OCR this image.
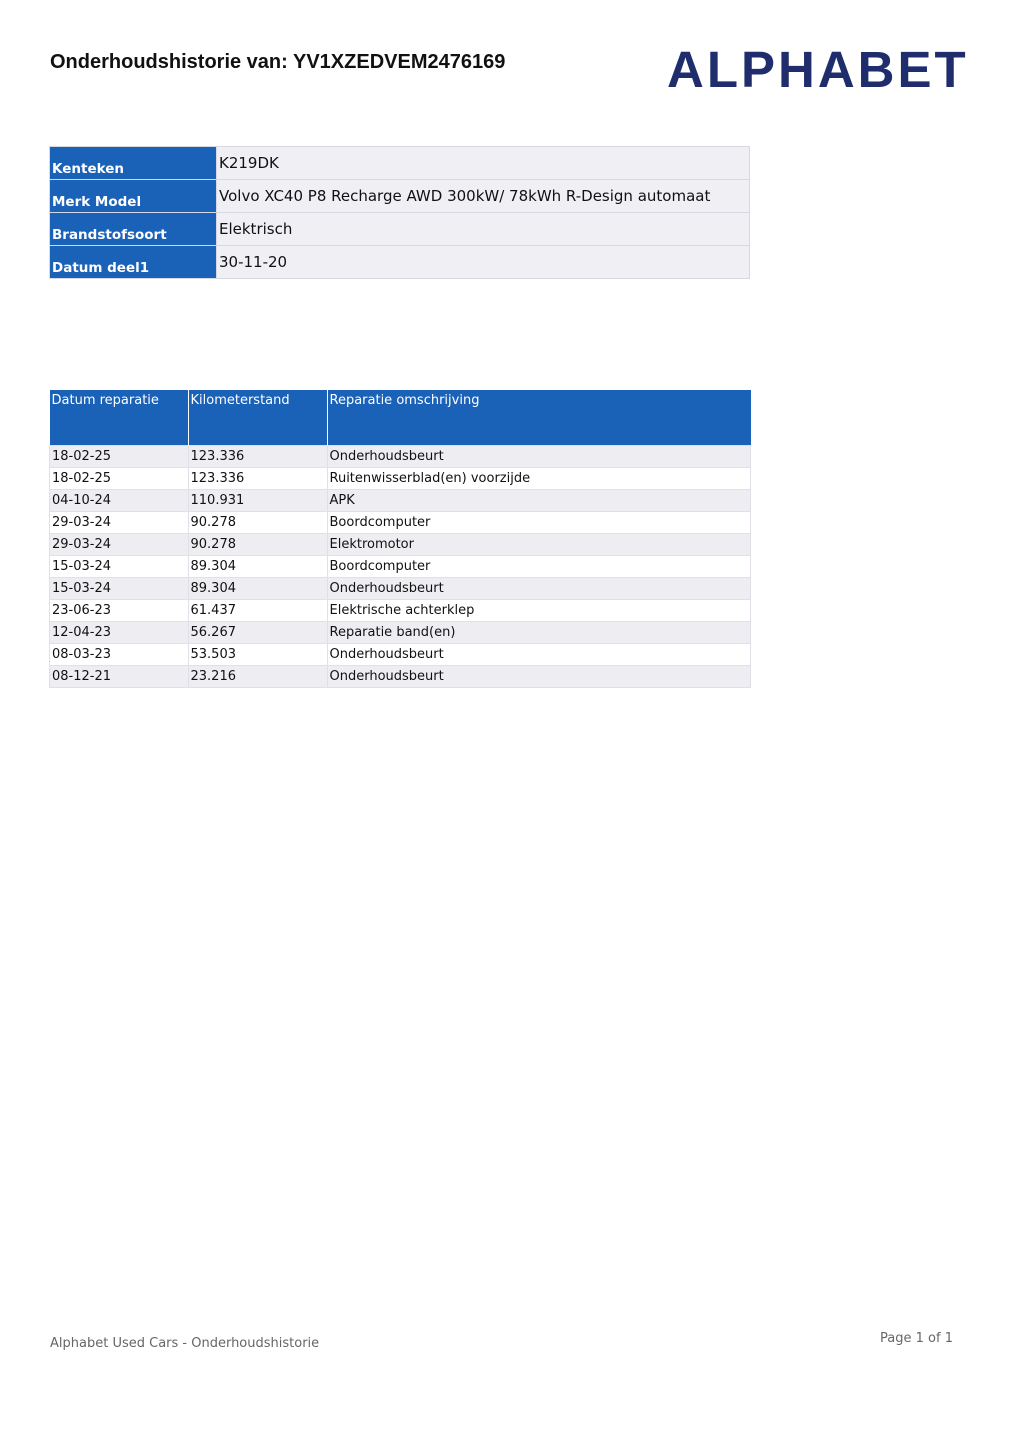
Onderhoudshistorie van: YV1XZEDVEM2476169	ALPHABET
Kenteken	K219DK
Merk Model	Volvo XC40 P8 Recharge AWD 300kW/ 78kWh R-Design automaat
Brandstofsoort	Elektrisch
Datum deel1	30-11-20
Datum reparatie	Kilometerstand	Reparatie omschrijving
18-02-25	123.336	Onderhoudsbeurt
18-02-25	123.336	Ruitenwisserblad(en) voorzijde
04-10-24	110.931	APK
29-03-24	90.278	Boordcomputer
29-03-24	90.278	Elektromotor
15-03-24	89.304	Boordcomputer
15-03-24	89.304	Onderhoudsbeurt
23-06-23	61.437	Elektrische achterklep
12-04-23	56.267	Reparatie band(en)
08-03-23	53.503	Onderhoudsbeurt
08-12-21	23.216	Onderhoudsbeurt
Alphabet Used Cars - Onderhoudshistorie	Page 1 of 1
